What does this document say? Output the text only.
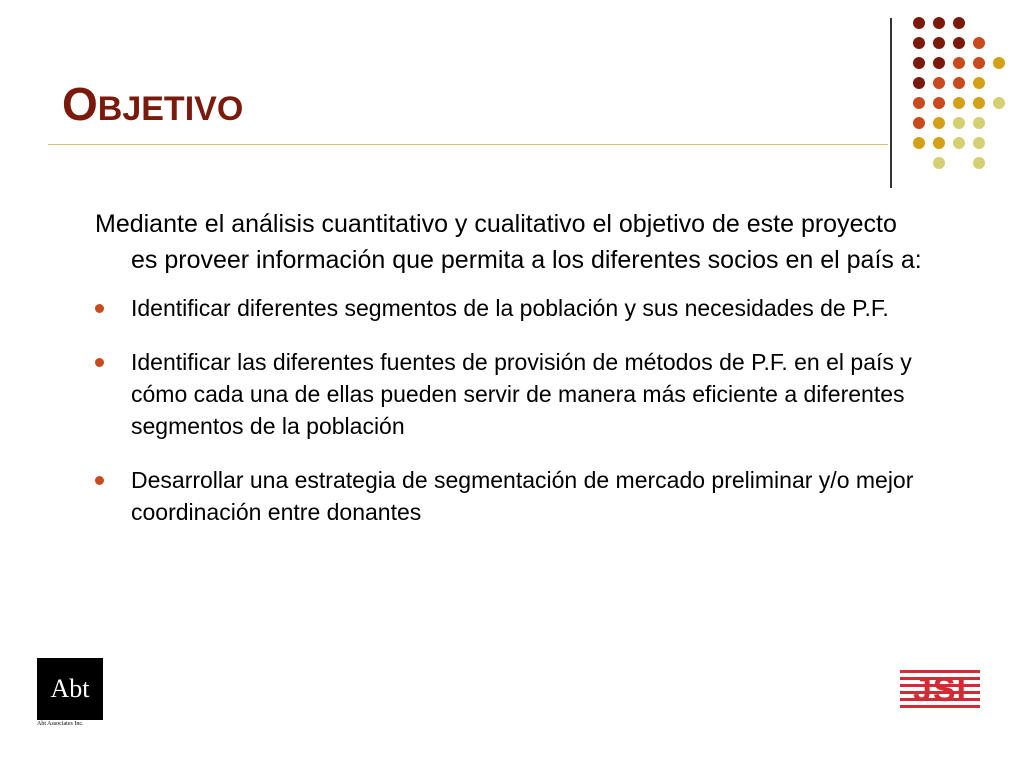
OBJETIVO

Mediante el análisis cuantitativo y cualitativo el objetivo de este proyecto es proveer información que permita a los diferentes socios en el país a:

Identificar diferentes segmentos de la población y sus necesidades de P.F.
Identificar las diferentes fuentes de provisión de métodos de P.F. en el país y cómo cada una de ellas pueden servir de manera más eficiente a diferentes segmentos de la población
Desarrollar una estrategia de segmentación de mercado preliminar y/o mejor coordinación entre donantes
Abt
Abt Associates Inc.
JSI
